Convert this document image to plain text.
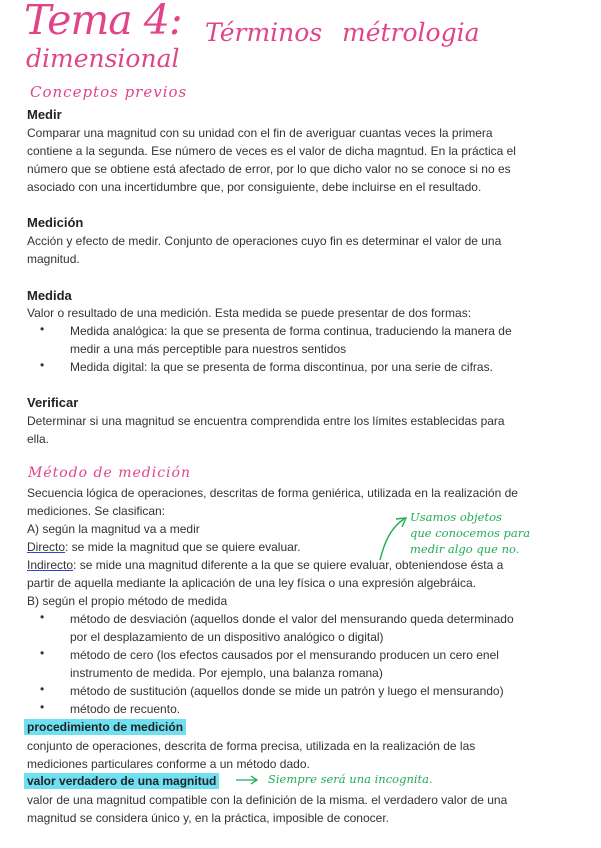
Tema 4: Términos métrologia
dimensional
Conceptos previos
Medir
Comparar una magnitud con su unidad con el fin de averiguar cuantas veces la primera
contiene a la segunda. Ese número de veces es el valor de dicha magntud. En la práctica el
número que se obtiene está afectado de error, por lo que dicho valor no se conoce si no es
asociado con una incertidumbre que, por consiguiente, debe incluirse en el resultado.
Medición
Acción y efecto de medir. Conjunto de operaciones cuyo fin es determinar el valor de una
magnitud.
Medida
Valor o resultado de una medición. Esta medida se puede presentar de dos formas:
• Medida analógica: la que se presenta de forma continua, traduciendo la manera de
medir a una más perceptible para nuestros sentidos
• Medida digital: la que se presenta de forma discontinua, por una serie de cifras.
Verificar
Determinar si una magnitud se encuentra comprendida entre los límites establecidas para
ella.
Método de medición
Secuencia lógica de operaciones, descritas de forma geniérica, utilizada en la realización de
mediciones. Se clasifican:
A) según la magnitud va a medir
Directo: se mide la magnitud que se quiere evaluar.
Indirecto: se mide una magnitud diferente a la que se quiere evaluar, obteniendose ésta a
partir de aquella mediante la aplicación de una ley física o una expresión algebráica.
B) según el propio método de medida
Usamos objetos
que conocemos para
medir algo que no.
• método de desviación (aquellos donde el valor del mensurando queda determinado
por el desplazamiento de un dispositivo analógico o digital)
• método de cero (los efectos causados por el mensurando producen un cero enel
instrumento de medida. Por ejemplo, una balanza romana)
• método de sustitución (aquellos donde se mide un patrón y luego el mensurando)
• método de recuento.
procedimiento de medición
conjunto de operaciones, descrita de forma precisa, utilizada en la realización de las
mediciones particulares conforme a un método dado.
valor verdadero de una magnitud	Siempre será una incognita.
valor de una magnitud compatible con la definición de la misma. el verdadero valor de una
magnitud se considera único y, en la práctica, imposible de conocer.
